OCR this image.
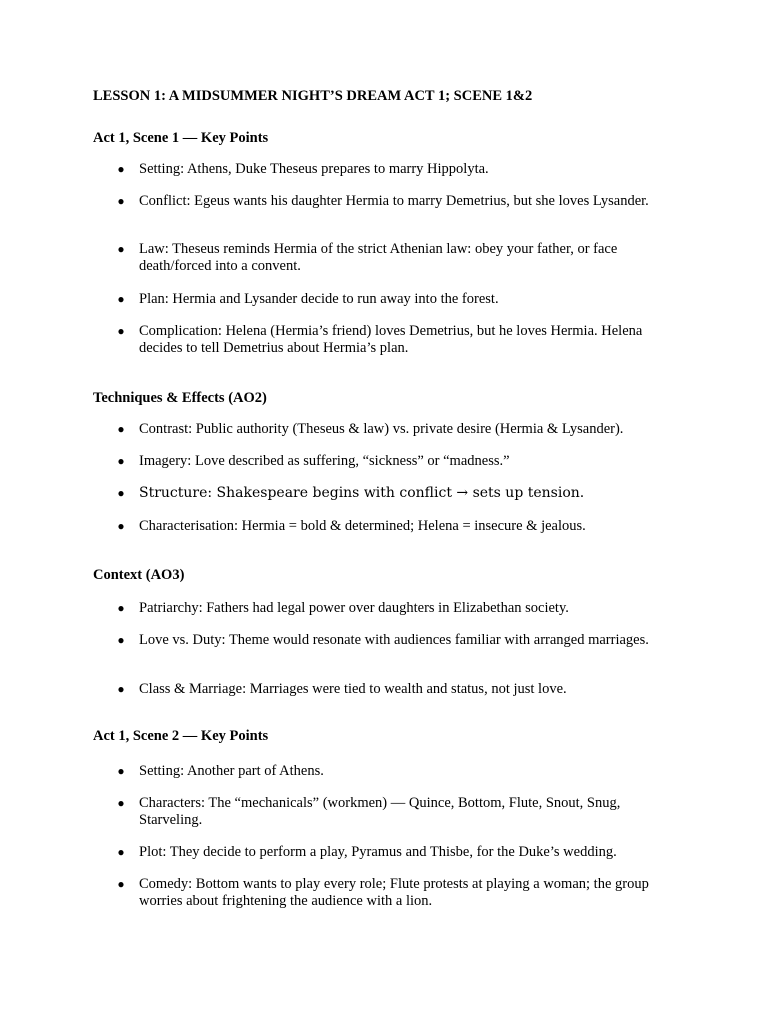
LESSON 1: A MIDSUMMER NIGHT’S DREAM ACT 1; SCENE 1&2
Act 1, Scene 1 — Key Points
● Setting: Athens, Duke Theseus prepares to marry Hippolyta.
● Conflict: Egeus wants his daughter Hermia to marry Demetrius, but she loves Lysander.
● Law: Theseus reminds Hermia of the strict Athenian law: obey your father, or face death/forced into a convent.
● Plan: Hermia and Lysander decide to run away into the forest.
● Complication: Helena (Hermia’s friend) loves Demetrius, but he loves Hermia. Helena decides to tell Demetrius about Hermia’s plan.
Techniques & Effects (AO2)
● Contrast: Public authority (Theseus & law) vs. private desire (Hermia & Lysander).
● Imagery: Love described as suffering, “sickness” or “madness.”
● Structure: Shakespeare begins with conflict → sets up tension.
● Characterisation: Hermia = bold & determined; Helena = insecure & jealous.
Context (AO3)
● Patriarchy: Fathers had legal power over daughters in Elizabethan society.
● Love vs. Duty: Theme would resonate with audiences familiar with arranged marriages.
● Class & Marriage: Marriages were tied to wealth and status, not just love.
Act 1, Scene 2 — Key Points
● Setting: Another part of Athens.
● Characters: The “mechanicals” (workmen) — Quince, Bottom, Flute, Snout, Snug, Starveling.
● Plot: They decide to perform a play, Pyramus and Thisbe, for the Duke’s wedding.
● Comedy: Bottom wants to play every role; Flute protests at playing a woman; the group worries about frightening the audience with a lion.
